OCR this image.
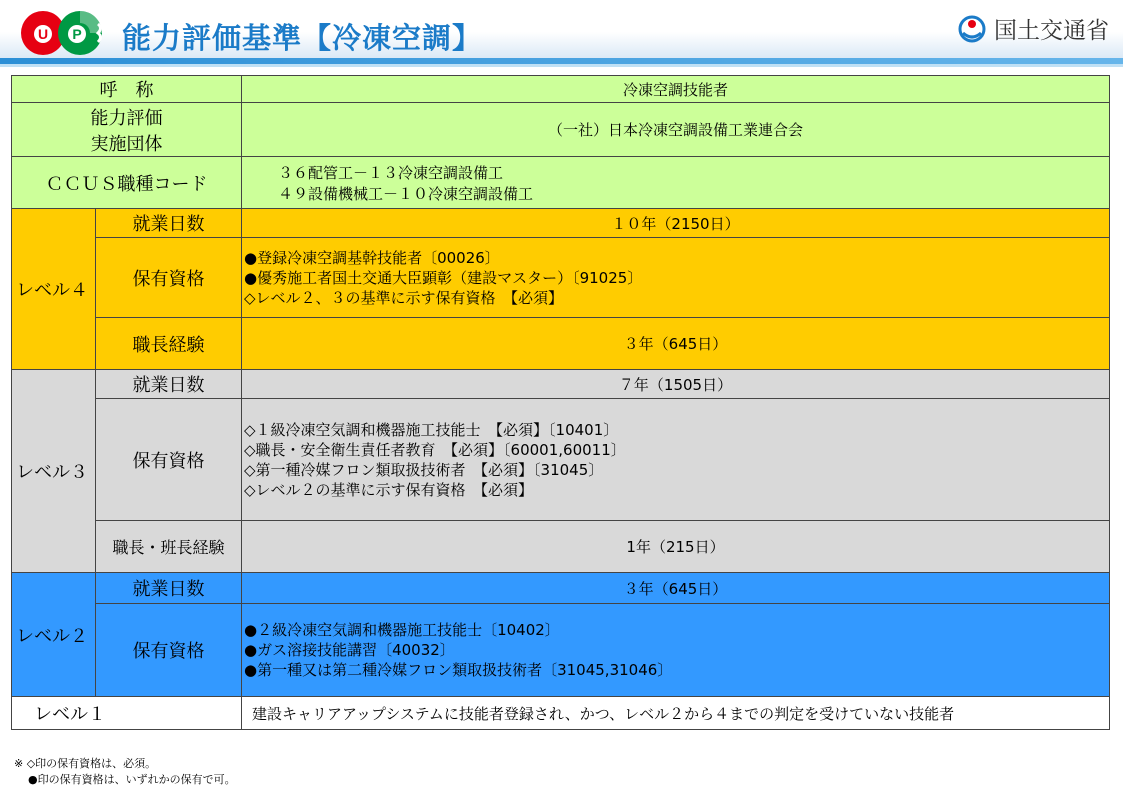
U P 能力評価基準【冷凍空調】	国土交通省
呼　称		冷凍空調技能者

能力評価
実施団体		（一社）日本冷凍空調設備工業連合会
ＣＣＵＳ職種コード		３６配管工－１３冷凍空調設備工
４９設備機械工－１０冷凍空調設備工

レベル４	就業日数	１０年（2150日）
	保有資格	●登録冷凍空調基幹技能者〔00026〕
●優秀施工者国土交通大臣顕彰（建設マスター）〔91025〕
◇レベル２、３の基準に示す保有資格　【必須】

	職長経験	３年（645日）
レベル３	就業日数	７年（1505日）
	保有資格	◇１級冷凍空気調和機器施工技能士　【必須】〔10401〕
◇職長・安全衛生責任者教育　【必須】〔60001,60011〕
◇第一種冷媒フロン類取扱技術者　【必須】〔31045〕
◇レベル２の基準に示す保有資格　【必須】

	職長・班長経験	1年（215日）
レベル２	就業日数	３年（645日）
	保有資格	●２級冷凍空気調和機器施工技能士〔10402〕
●ガス溶接技能講習〔40032〕
●第一種又は第二種冷媒フロン類取扱技術者〔31045,31046〕

レベル１		建設キャリアアップシステムに技能者登録され、かつ、レベル２から４までの判定を受けていない技能者
※ ◇印の保有資格は、必須。
●印の保有資格は、いずれかの保有で可。
